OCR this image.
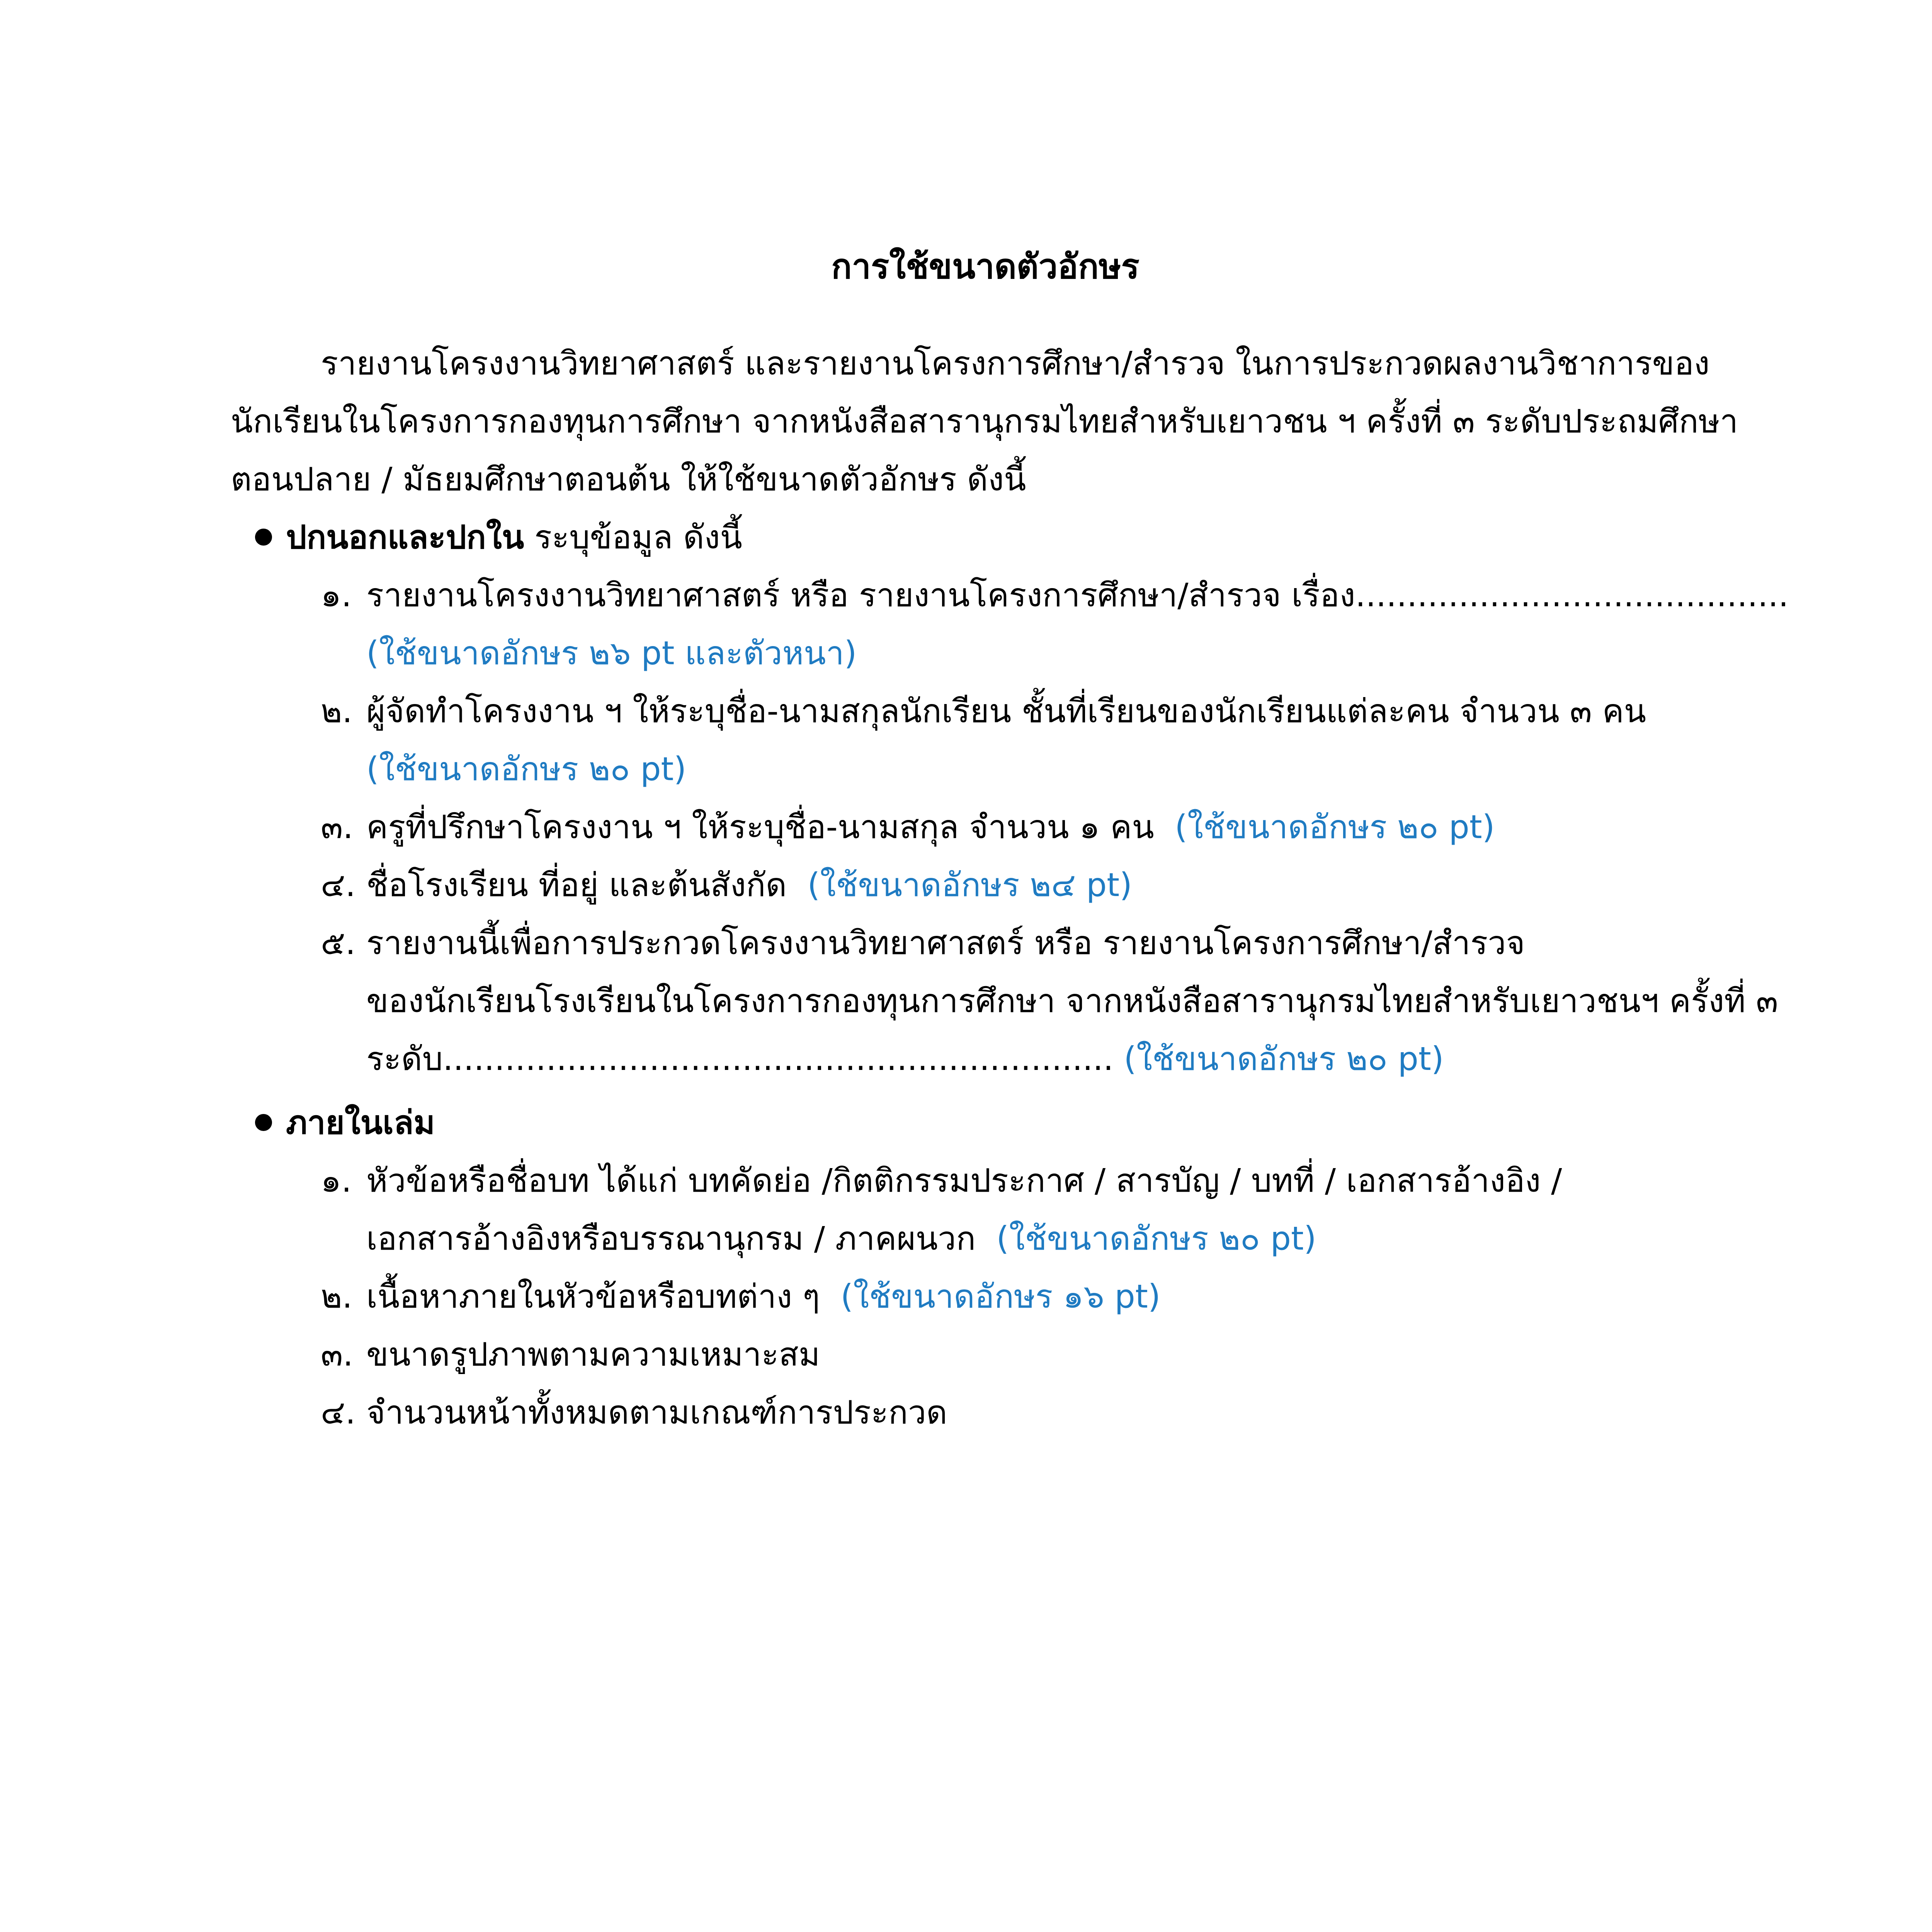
การใช้ขนาดตัวอักษร
รายงานโครงงานวิทยาศาสตร์ และรายงานโครงการศึกษา/สำรวจ ในการประกวดผลงานวิชาการของ
นักเรียนในโครงการกองทุนการศึกษา จากหนังสือสารานุกรมไทยสำหรับเยาวชน ฯ ครั้งที่ ๓ ระดับประถมศึกษา
ตอนปลาย / มัธยมศึกษาตอนต้น ให้ใช้ขนาดตัวอักษร ดังนี้
ปกนอกและปกใน ระบุข้อมูล ดังนี้
๑. รายงานโครงงานวิทยาศาสตร์ หรือ รายงานโครงการศึกษา/สำรวจ เรื่อง..........................................
(ใช้ขนาดอักษร ๒๖ pt และตัวหนา)
๒. ผู้จัดทำโครงงาน ฯ ให้ระบุชื่อ-นามสกุลนักเรียน ชั้นที่เรียนของนักเรียนแต่ละคน จำนวน ๓ คน
(ใช้ขนาดอักษร ๒๐ pt)
๓. ครูที่ปรึกษาโครงงาน ฯ ให้ระบุชื่อ-นามสกุล จำนวน ๑ คน (ใช้ขนาดอักษร ๒๐ pt)
๔. ชื่อโรงเรียน ที่อยู่ และต้นสังกัด (ใช้ขนาดอักษร ๒๔ pt)
๕. รายงานนี้เพื่อการประกวดโครงงานวิทยาศาสตร์ หรือ รายงานโครงการศึกษา/สำรวจ
ของนักเรียนโรงเรียนในโครงการกองทุนการศึกษา จากหนังสือสารานุกรมไทยสำหรับเยาวชนฯ ครั้งที่ ๓
ระดับ................................................................. (ใช้ขนาดอักษร ๒๐ pt)
ภายในเล่ม
๑. หัวข้อหรือชื่อบท ได้แก่ บทคัดย่อ /กิตติกรรมประกาศ / สารบัญ / บทที่ / เอกสารอ้างอิง /
เอกสารอ้างอิงหรือบรรณานุกรม / ภาคผนวก (ใช้ขนาดอักษร ๒๐ pt)
๒. เนื้อหาภายในหัวข้อหรือบทต่าง ๆ (ใช้ขนาดอักษร ๑๖ pt)
๓. ขนาดรูปภาพตามความเหมาะสม
๔. จำนวนหน้าทั้งหมดตามเกณฑ์การประกวด
